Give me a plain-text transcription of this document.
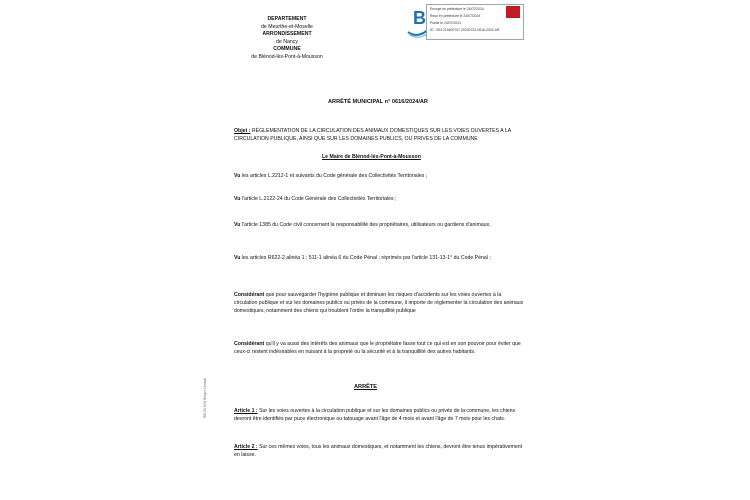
DEPARTEMENT
de Meurthe-et-Moselle
ARRONDISSEMENT
de Nancy
COMMUNE
de Blénod-lès-Pont-à-Mousson
B Envoyé en préfecture le 24/07/2024
Reçu en préfecture le 24/07/2024
Publié le 24/07/2024
ID : 054-215400707-20240723-0616-2024-AR
ARRÊTÉ MUNICIPAL n° 0616/2024/AR
Objet : RÉGLEMENTATION DE LA CIRCULATION DES ANIMAUX DOMESTIQUES SUR LES VOIES OUVERTES A LA CIRCULATION PUBLIQUE, AINSI QUE SUR LES DOMAINES PUBLICS, OU PRIVES DE LA COMMUNE
Le Maire de Blénod-lès-Pont-à-Mousson
Vu les articles L.2212-1 et suivants du Code générale des Collectivités Territoriales ;
Vu l'article L.2122-24 du Code Générale des Collectivités Territoriales ;
Vu l'article 1385 du Code civil concernant la responsabilité des propriétaires, utilisateurs ou gardiens d'animaux,
Vu les articles R622-2 alinéa 1 ; 511-1 alinéa 6 du Code Pénal ; réprimés par l'article 131-13-1° du Code Pénal ;
Considérant que pour sauvegarder l'hygiène publique et diminuer les risques d'accidents sur les voies ouvertes à la circulation publique et sur les domaines publics ou privés de la commune, il importe de réglementer la circulation des animaux domestiques, notamment des chiens qui troublent l'ordre la tranquillité publique
Considérant qu'il y va aussi des intérêts des animaux que le propriétaire fasse tout ce qui est en son pouvoir pour éviter que ceux-ci restent indésirables en nuisant à la propreté ou la sécurité et à la tranquillité des autres habitants.
ARRÊTE
Article 1 : Sur les voies ouvertes à la circulation publique et sur les domaines publics ou privés de la commune, les chiens devront être identifiés par puce électronique ou tatouage avant l'âge de 4 mois et avant l'âge de 7 mois pour les chats.
Article 2 : Sur ces mêmes voies, tous les animaux domestiques, et notamment les chiens, devront être tenus impérativement en laisse.
RIE 00 SCN Berger Levrault
